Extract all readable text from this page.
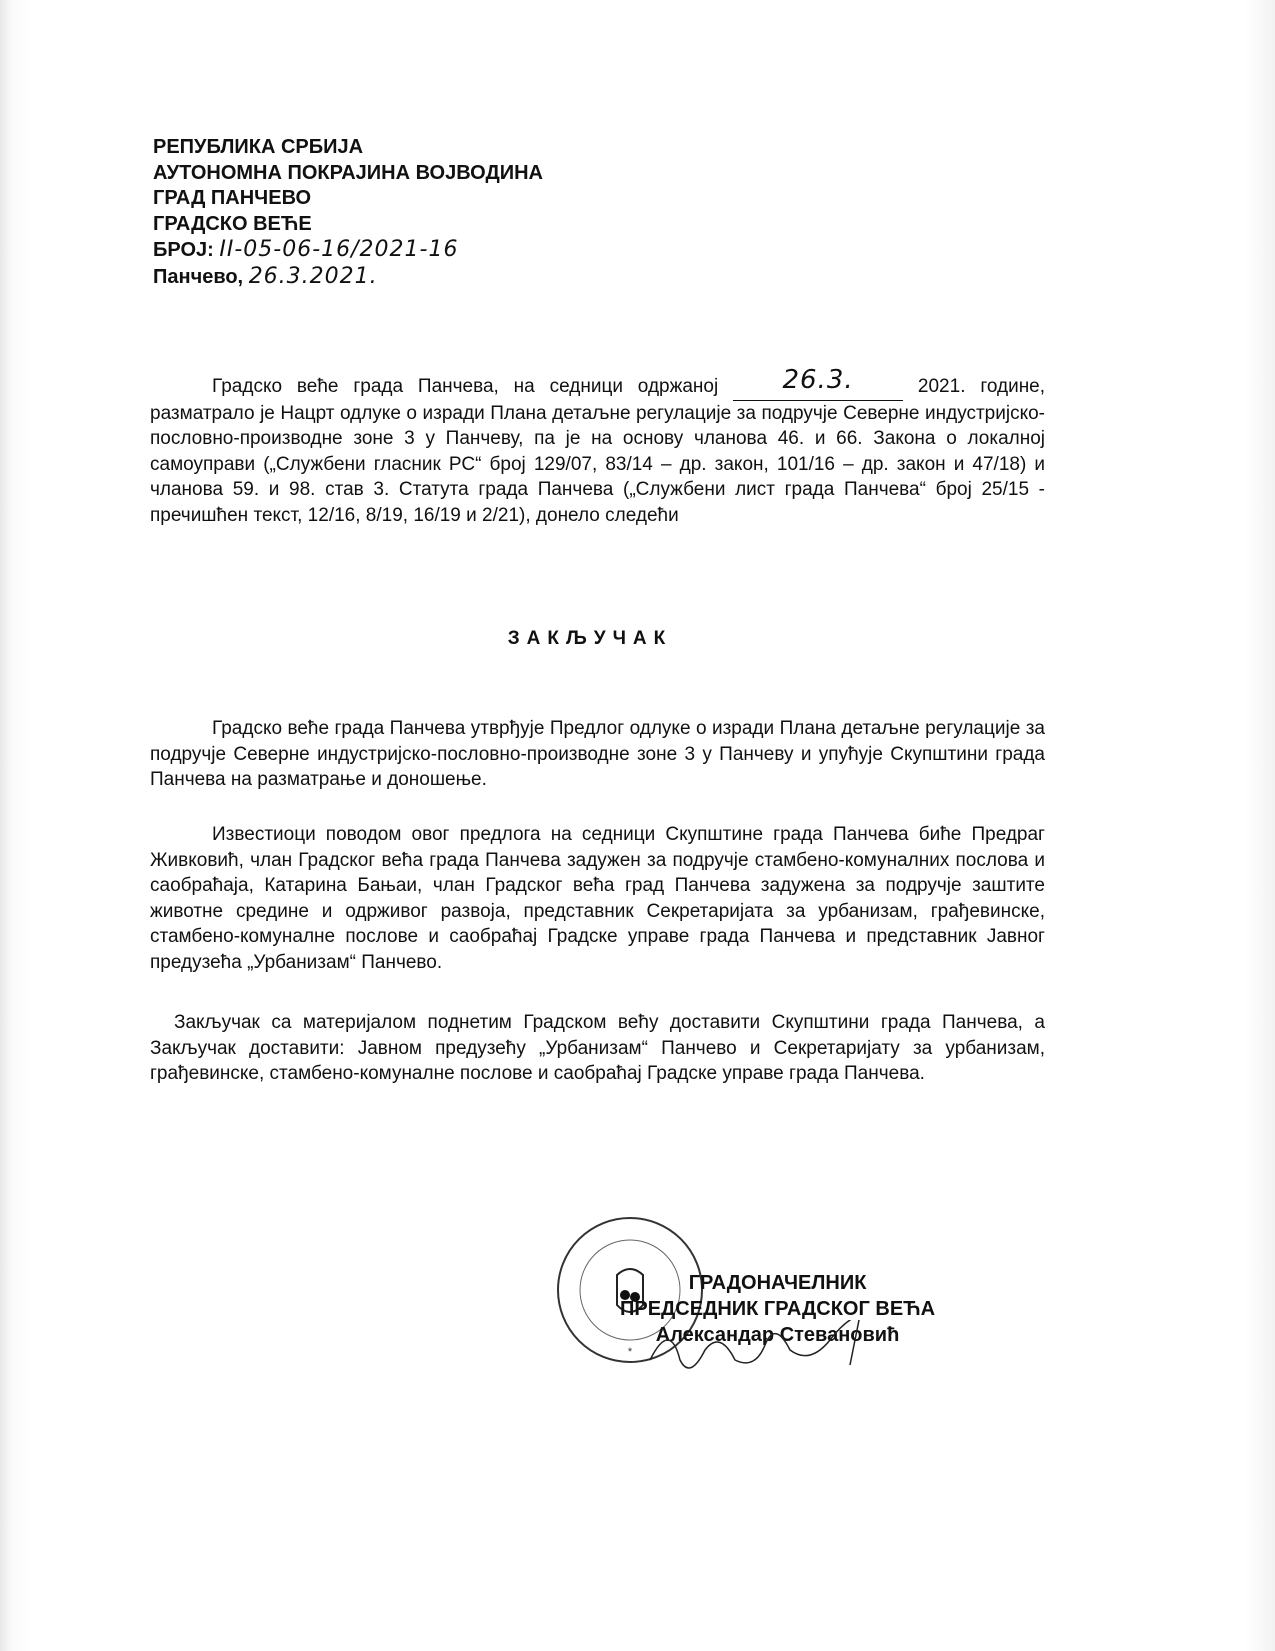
РЕПУБЛИКА СРБИЈА
АУТОНОМНА ПОКРАЈИНА ВОЈВОДИНА
ГРАД ПАНЧЕВО
ГРАДСКО ВЕЋЕ
БРОЈ: II-05-06-16/2021-16
Панчево, 26.3.2021.
Градско веће града Панчева, на седници одржаној 26.3.	2021. године, разматрало је Нацрт одлуке о изради Плана детаљне регулације за подручје Северне индустријско-пословно-производне зоне 3 у Панчеву, па је на основу чланова 46. и 66. Закона о локалној самоуправи („Службени гласник РС“ број 129/07, 83/14 – др. закон, 101/16 – др. закон и 47/18) и чланова 59. и 98. став 3. Статута града Панчева („Службени лист града Панчева“ број 25/15 - пречишћен текст, 12/16, 8/19, 16/19 и 2/21), донело следећи
ЗАКЉУЧАК
Градско веће града Панчева утврђује Предлог одлуке о изради Плана детаљне регулације за подручје Северне индустријско-пословно-производне зоне 3 у Панчеву и упућује Скупштини града Панчева на разматрање и доношење.
Известиоци поводом овог предлога на седници Скупштине града Панчева биће Предраг Живковић, члан Градског већа града Панчева задужен за подручје стамбено-комуналних послова и саобраћаја, Катарина Бањаи, члан Градског већа град Панчева задужена за подручје заштите животне средине и одрживог развоја, представник Секретаријата за урбанизам, грађевинске, стамбено-комуналне послове и саобраћај Градске управе града Панчева и представник Јавног предузећа „Урбанизам“ Панчево.
Закључак са материјалом поднетим Градском већу доставити Скупштини града Панчева, а Закључак доставити: Јавном предузећу „Урбанизам“ Панчево и Секретаријату за урбанизам, грађевинске, стамбено-комуналне послове и саобраћај Градске управе града Панчева.
*
ГРАДОНАЧЕЛНИК
ПРЕДСЕДНИК ГРАДСКОГ ВЕЋА
Александар Стевановић
